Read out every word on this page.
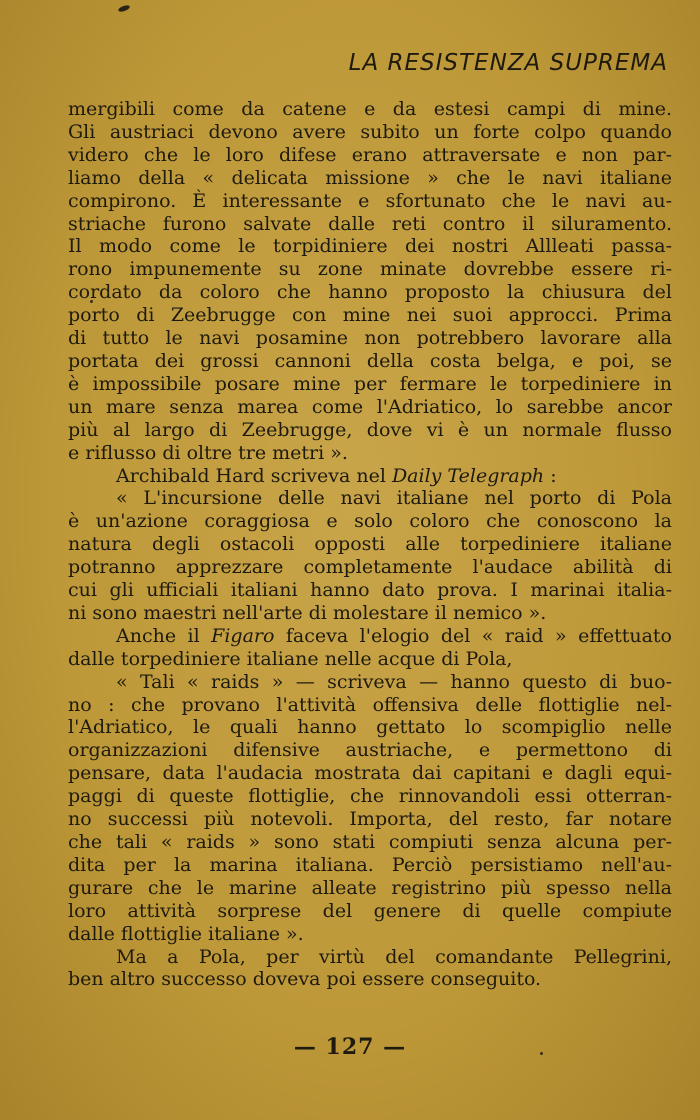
LA RESISTENZA SUPREMA
mergibili come da catene e da estesi campi di mine.
Gli austriaci devono avere subito un forte colpo quando
videro che le loro difese erano attraversate e non par-
liamo della « delicata missione » che le navi italiane
compirono. È interessante e sfortunato che le navi au-
striache furono salvate dalle reti contro il siluramento.
Il modo come le torpidiniere dei nostri Allleati passa-
rono impunemente su zone minate dovrebbe essere ri-
cordato da coloro che hanno proposto la chiusura del
porto di Zeebrugge con mine nei suoi approcci. Prima
di tutto le navi posamine non potrebbero lavorare alla
portata dei grossi cannoni della costa belga, e poi, se
è impossibile posare mine per fermare le torpediniere in
un mare senza marea come l'Adriatico, lo sarebbe ancor
più al largo di Zeebrugge, dove vi è un normale flusso
e riflusso di oltre tre metri ».
Archibald Hard scriveva nel Daily Telegraph :
« L'incursione delle navi italiane nel porto di Pola
è un'azione coraggiosa e solo coloro che conoscono la
natura degli ostacoli opposti alle torpediniere italiane
potranno apprezzare completamente l'audace abilità di
cui gli ufficiali italiani hanno dato prova. I marinai italia-
ni sono maestri nell'arte di molestare il nemico ».
Anche il Figaro faceva l'elogio del « raid » effettuato
dalle torpediniere italiane nelle acque di Pola,
« Tali « raids » — scriveva — hanno questo di buo-
no : che provano l'attività offensiva delle flottiglie nel-
l'Adriatico, le quali hanno gettato lo scompiglio nelle
organizzazioni difensive austriache, e permettono di
pensare, data l'audacia mostrata dai capitani e dagli equi-
paggi di queste flottiglie, che rinnovandoli essi otterran-
no successi più notevoli. Importa, del resto, far notare
che tali « raids » sono stati compiuti senza alcuna per-
dita per la marina italiana. Perciò persistiamo nell'au-
gurare che le marine alleate registrino più spesso nella
loro attività sorprese del genere di quelle compiute
dalle flottiglie italiane ».
Ma a Pola, per virtù del comandante Pellegrini,
ben altro successo doveva poi essere conseguito.
— 127 —
